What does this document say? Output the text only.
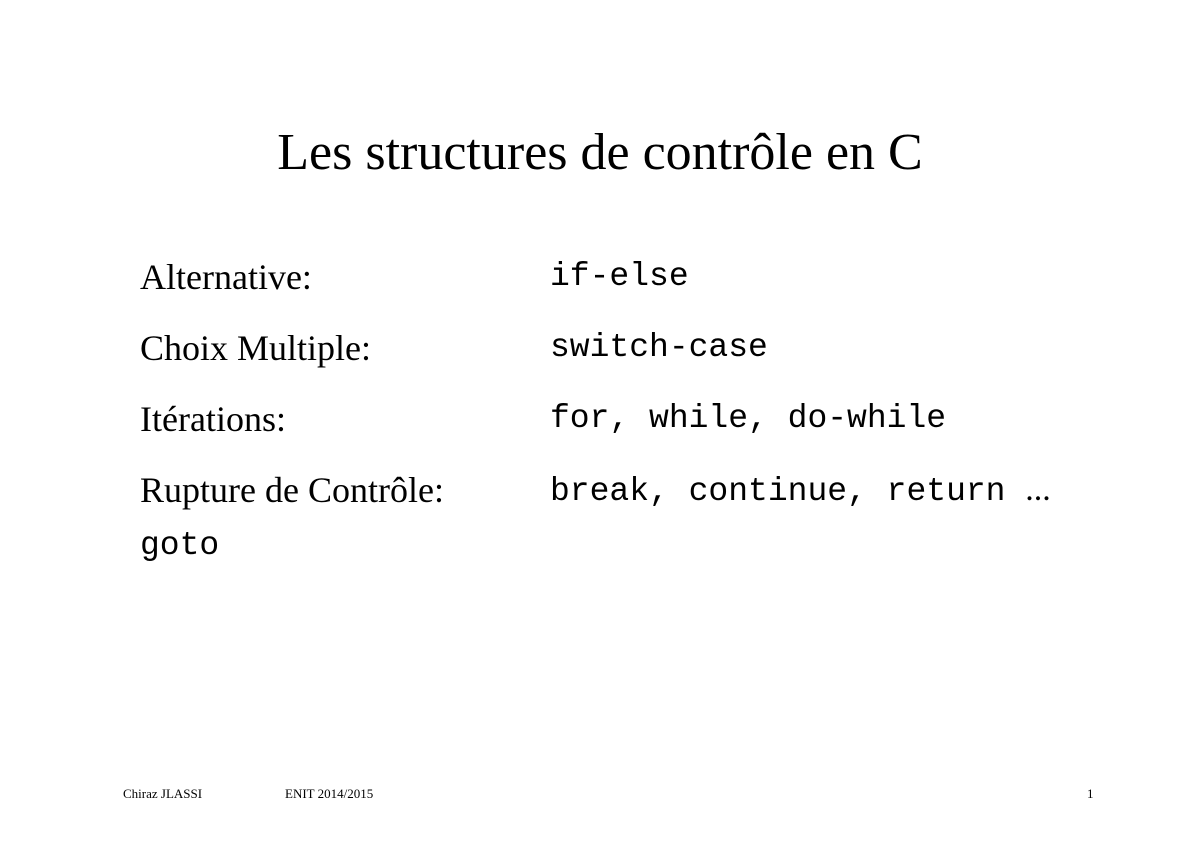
Les structures de contrôle en C
Alternative:	if-else
Choix Multiple:	switch-case
Itérations:	for, while, do-while
Rupture de Contrôle:	break, continue, return ...
goto
Chiraz JLASSI	ENIT 2014/2015	1
